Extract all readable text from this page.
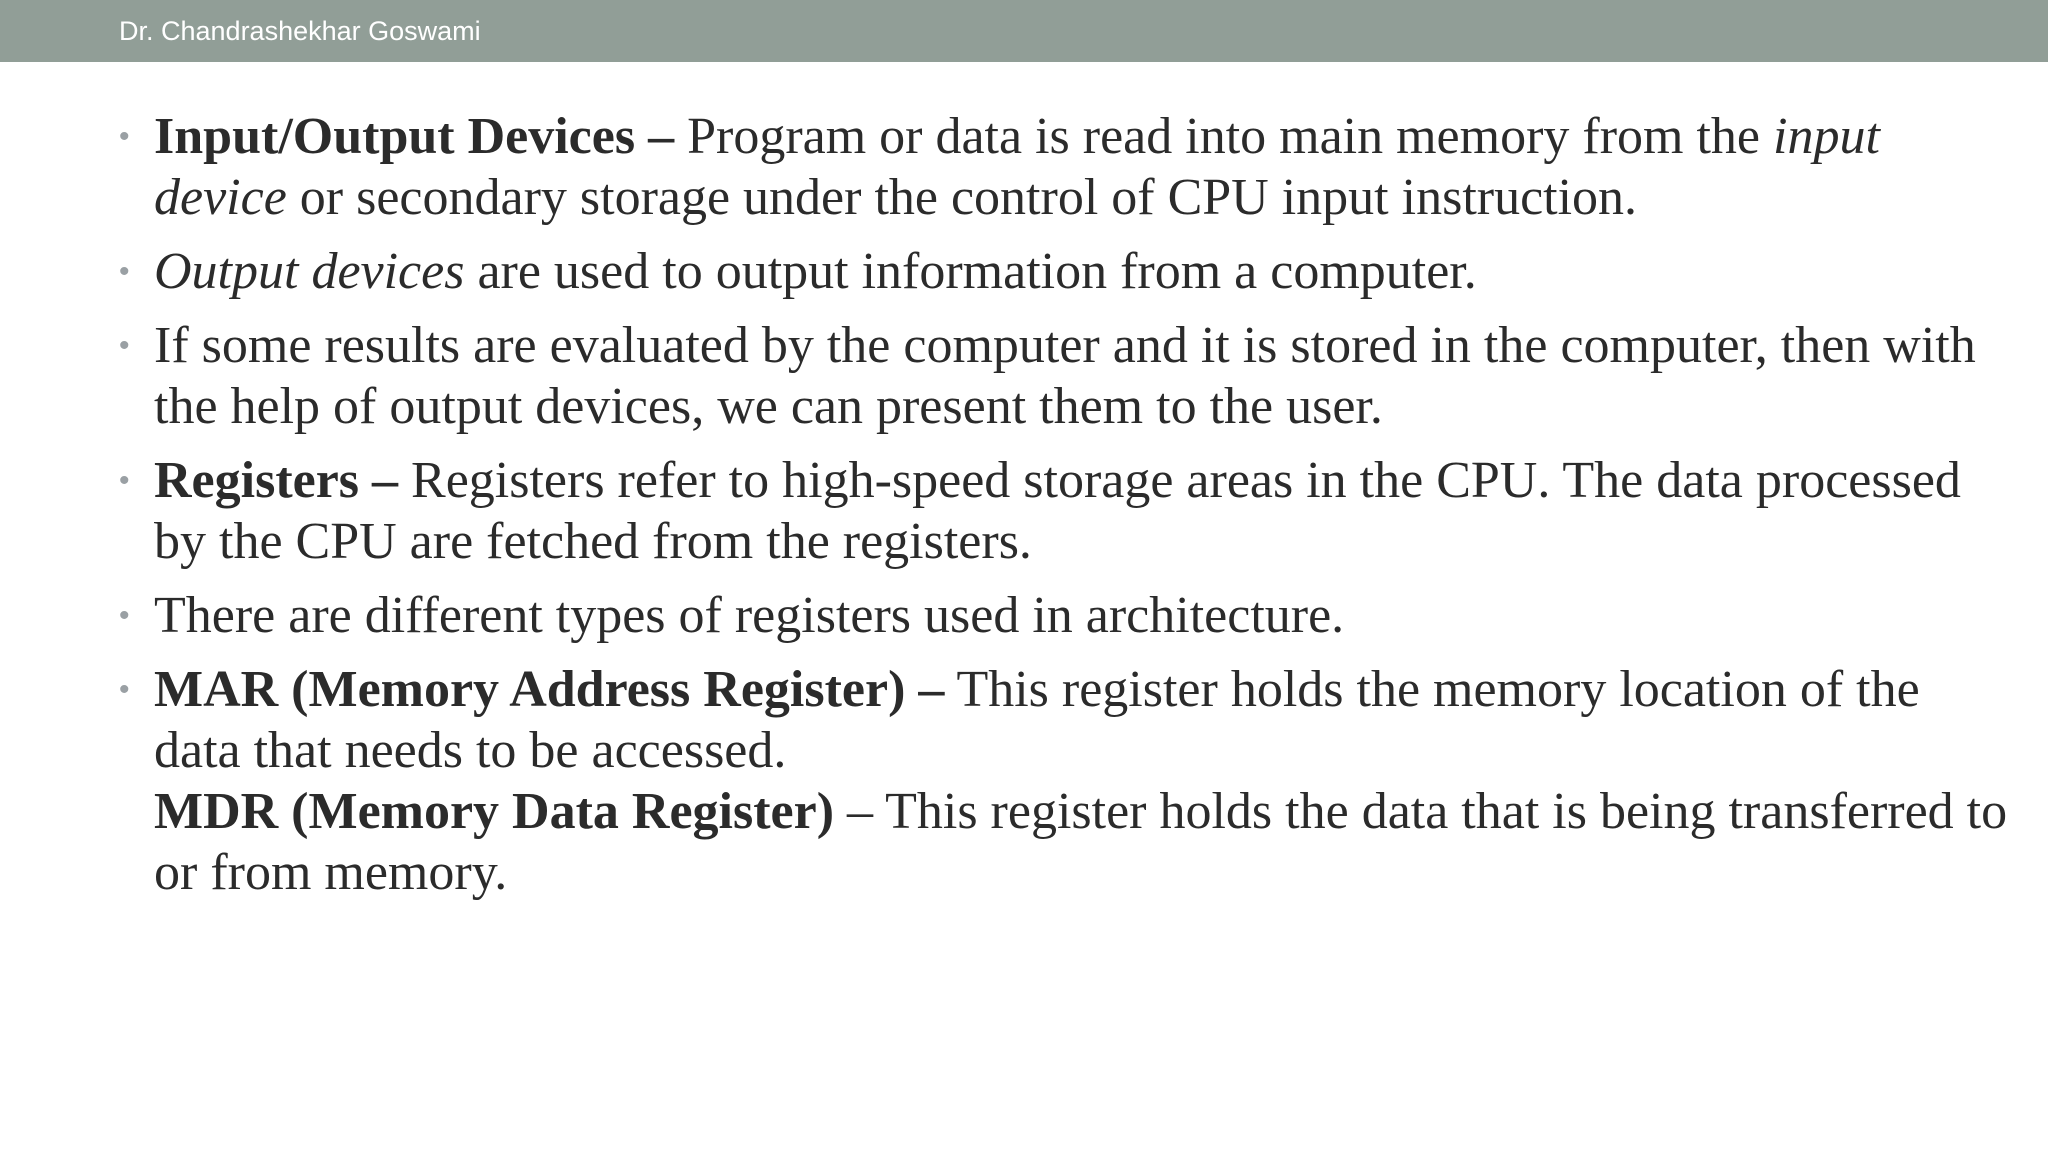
Dr. Chandrashekhar Goswami
• Input/Output Devices – Program or data is read into main memory from the input device or secondary storage under the control of CPU input instruction.
• Output devices are used to output information from a computer.
• If some results are evaluated by the computer and it is stored in the computer, then with the help of output devices, we can present them to the user.
• Registers – Registers refer to high-speed storage areas in the CPU. The data processed by the CPU are fetched from the registers.
• There are different types of registers used in architecture.
• MAR (Memory Address Register) – This register holds the memory location of the data that needs to be accessed.
MDR (Memory Data Register) – This register holds the data that is being transferred to or from memory.
